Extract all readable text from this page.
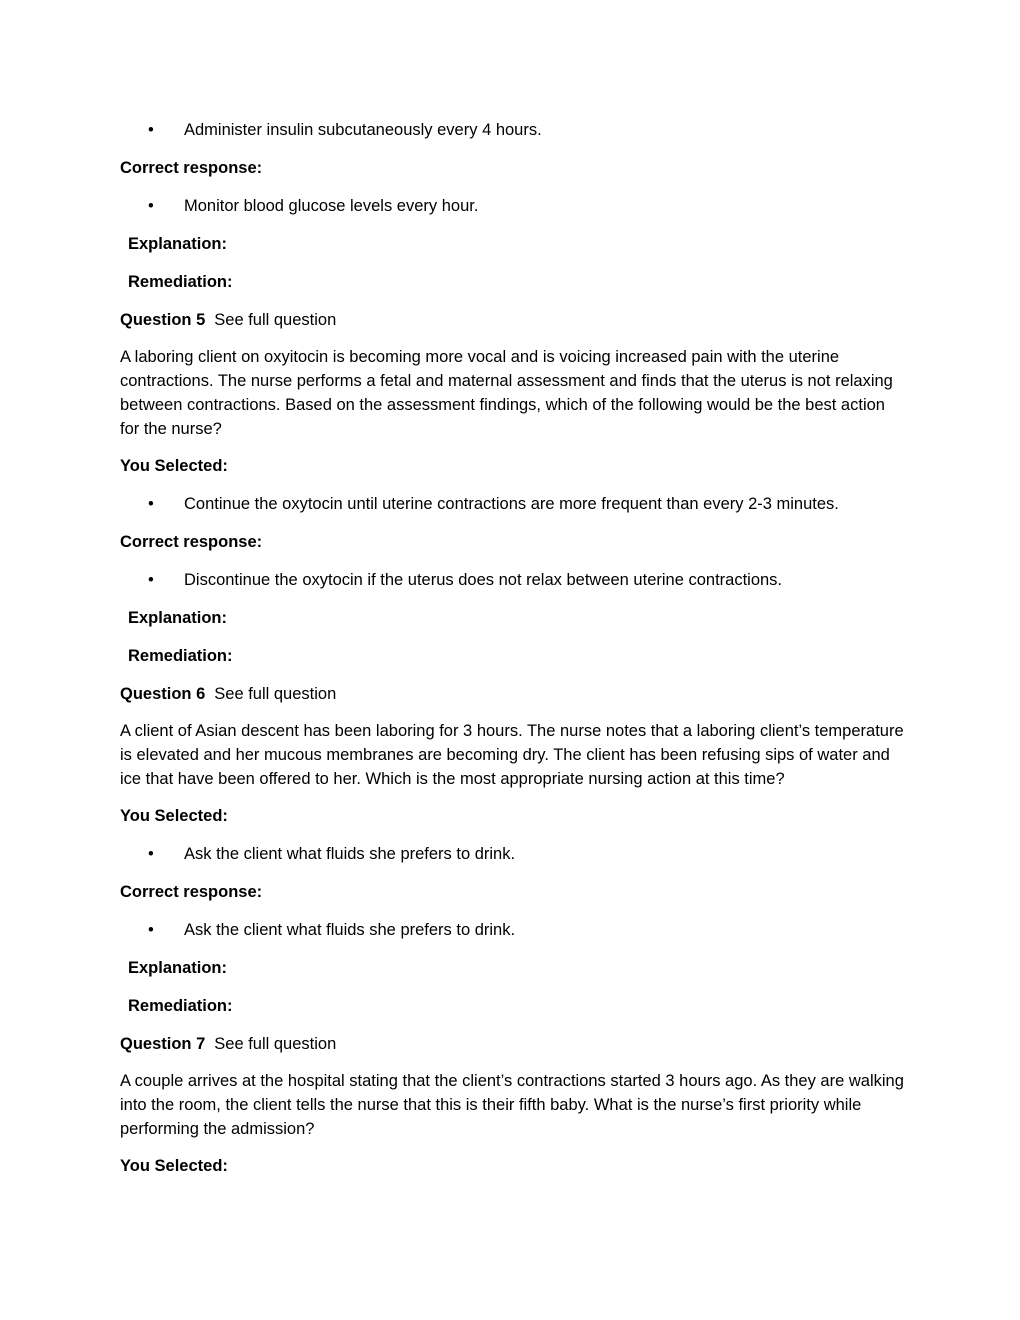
• Administer insulin subcutaneously every 4 hours.
Correct response:
• Monitor blood glucose levels every hour.
Explanation:
Remediation:
Question 5 See full question
A laboring client on oxyitocin is becoming more vocal and is voicing increased pain with the uterine contractions. The nurse performs a fetal and maternal assessment and finds that the uterus is not relaxing between contractions. Based on the assessment findings, which of the following would be the best action for the nurse?
You Selected:
• Continue the oxytocin until uterine contractions are more frequent than every 2-3 minutes.
Correct response:
• Discontinue the oxytocin if the uterus does not relax between uterine contractions.
Explanation:
Remediation:
Question 6 See full question
A client of Asian descent has been laboring for 3 hours. The nurse notes that a laboring client’s temperature is elevated and her mucous membranes are becoming dry. The client has been refusing sips of water and ice that have been offered to her. Which is the most appropriate nursing action at this time?
You Selected:
• Ask the client what fluids she prefers to drink.
Correct response:
• Ask the client what fluids she prefers to drink.
Explanation:
Remediation:
Question 7 See full question
A couple arrives at the hospital stating that the client’s contractions started 3 hours ago. As they are walking into the room, the client tells the nurse that this is their fifth baby. What is the nurse’s first priority while performing the admission?
You Selected:
